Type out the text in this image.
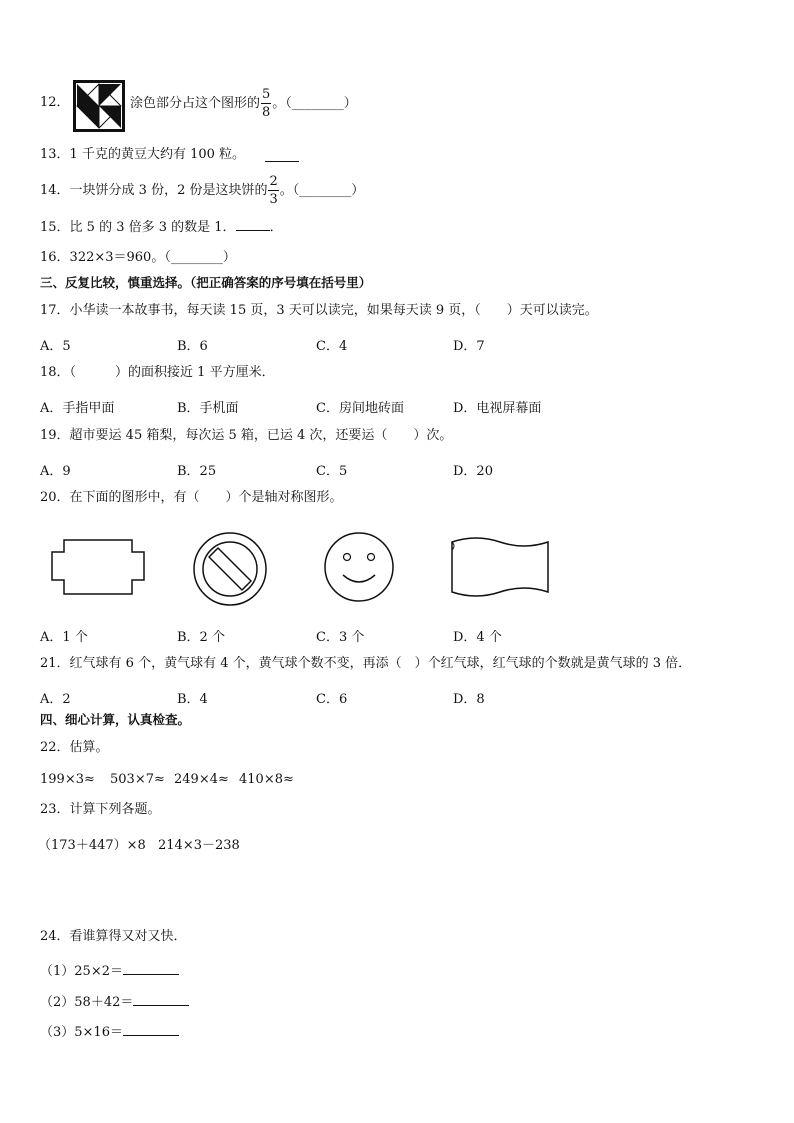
12．	涂色部分占这个图形的 $\frac{5}{8}$ 。（________）
13．1 千克的黄豆大约有 100 粒。
14．一块饼分成 3 份，2 份是这块饼的 $\frac{2}{3}$ 。（________）
15．比 5 的 3 倍多 3 的数是 1．	．
16．322×3＝960。（________）
三、反复比较，慎重选择。（把正确答案的序号填在括号里）
17．小华读一本故事书，每天读 15 页，3 天可以读完，如果每天读 9 页，（　　）天可以读完。
A．5	B．6	C．4	D．7
18．（　　　）的面积接近 1 平方厘米．
A．手指甲面	B．手机面	C．房间地砖面	D．电视屏幕面
19．超市要运 45 箱梨，每次运 5 箱，已运 4 次，还要运（　　）次。
A．9	B．25	C．5	D．20
20．在下面的图形中，有（　　）个是轴对称图形。
A．1 个	B．2 个	C．3 个	D．4 个
21．红气球有 6 个，黄气球有 4 个，黄气球个数不变，再添（　）个红气球，红气球的个数就是黄气球的 3 倍．
A．2	B．4	C．6	D．8
四、细心计算，认真检查。
22．估算。
199×3≈ 503×7≈ 249×4≈ 410×8≈
23．计算下列各题。
（173＋447）×8 214×3－238
24．看谁算得又对又快．
（1）25×2＝
（2）58＋42＝
（3）5×16＝
